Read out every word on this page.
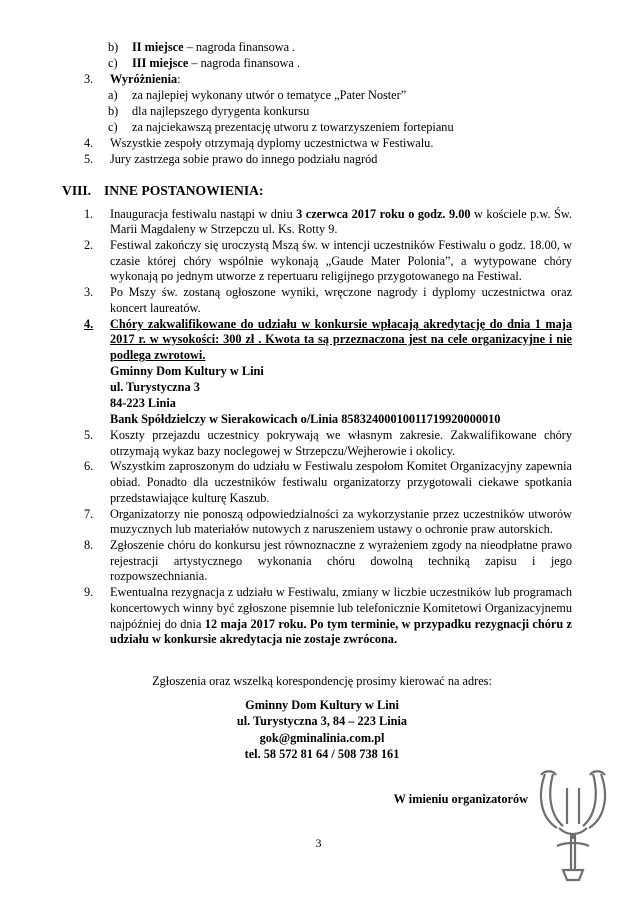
b)	II miejsce – nagroda finansowa .
c)	III miejsce – nagroda finansowa .
3.	Wyróżnienia:
a)	za najlepiej wykonany utwór o tematyce „Pater Noster”
b)	dla najlepszego dyrygenta konkursu
c)	za najciekawszą prezentację utworu z towarzyszeniem fortepianu
4.	Wszystkie zespoły otrzymają dyplomy uczestnictwa w Festiwalu.
5.	Jury zastrzega sobie prawo do innego podziału nagród
VIII. INNE POSTANOWIENIA:
1.	Inauguracja festiwalu nastąpi w dniu 3 czerwca 2017 roku o godz. 9.00 w kościele p.w. Św. Marii Magdaleny w Strzepczu ul. Ks. Rotty 9.
2.	Festiwal zakończy się uroczystą Mszą św. w intencji uczestników Festiwalu o godz. 18.00, w czasie której chóry wspólnie wykonają „Gaude Mater Polonia”, a wytypowane chóry wykonają po jednym utworze z repertuaru religijnego przygotowanego na Festiwal.
3.	Po Mszy św. zostaną ogłoszone wyniki, wręczone nagrody i dyplomy uczestnictwa oraz koncert laureatów.
4.	Chóry zakwalifikowane do udziału w konkursie wpłacają akredytację do dnia 1 maja 2017 r. w wysokości: 300 zł . Kwota ta są przeznaczona jest na cele organizacyjne i nie podlega zwrotowi.
Gminny Dom Kultury w Lini
ul. Turystyczna 3
84-223 Linia
Bank Spółdzielczy w Sierakowicach o/Linia 85832400010011719920000010
5.	Koszty przejazdu uczestnicy pokrywają we własnym zakresie. Zakwalifikowane chóry otrzymają wykaz bazy noclegowej w Strzepczu/Wejherowie i okolicy.
6.	Wszystkim zaproszonym do udziału w Festiwalu zespołom Komitet Organizacyjny zapewnia obiad. Ponadto dla uczestników festiwalu organizatorzy przygotowali ciekawe spotkania przedstawiające kulturę Kaszub.
7.	Organizatorzy nie ponoszą odpowiedzialności za wykorzystanie przez uczestników utworów muzycznych lub materiałów nutowych z naruszeniem ustawy o ochronie praw autorskich.
8.	Zgłoszenie chóru do konkursu jest równoznaczne z wyrażeniem zgody na nieodpłatne prawo rejestracji artystycznego wykonania chóru dowolną techniką zapisu i jego rozpowszechniania.
9.	Ewentualna rezygnacja z udziału w Festiwalu, zmiany w liczbie uczestników lub programach koncertowych winny być zgłoszone pisemnie lub telefonicznie Komitetowi Organizacyjnemu najpóźniej do dnia 12 maja 2017 roku. Po tym terminie, w przypadku rezygnacji chóru z udziału w konkursie akredytacja nie zostaje zwrócona.
Zgłoszenia oraz wszelką korespondencję prosimy kierować na adres:
Gminny Dom Kultury w Lini
ul. Turystyczna 3, 84 – 223 Linia
gok@gminalinia.com.pl
tel. 58 572 81 64 / 508 738 161
W imieniu organizatorów
3
